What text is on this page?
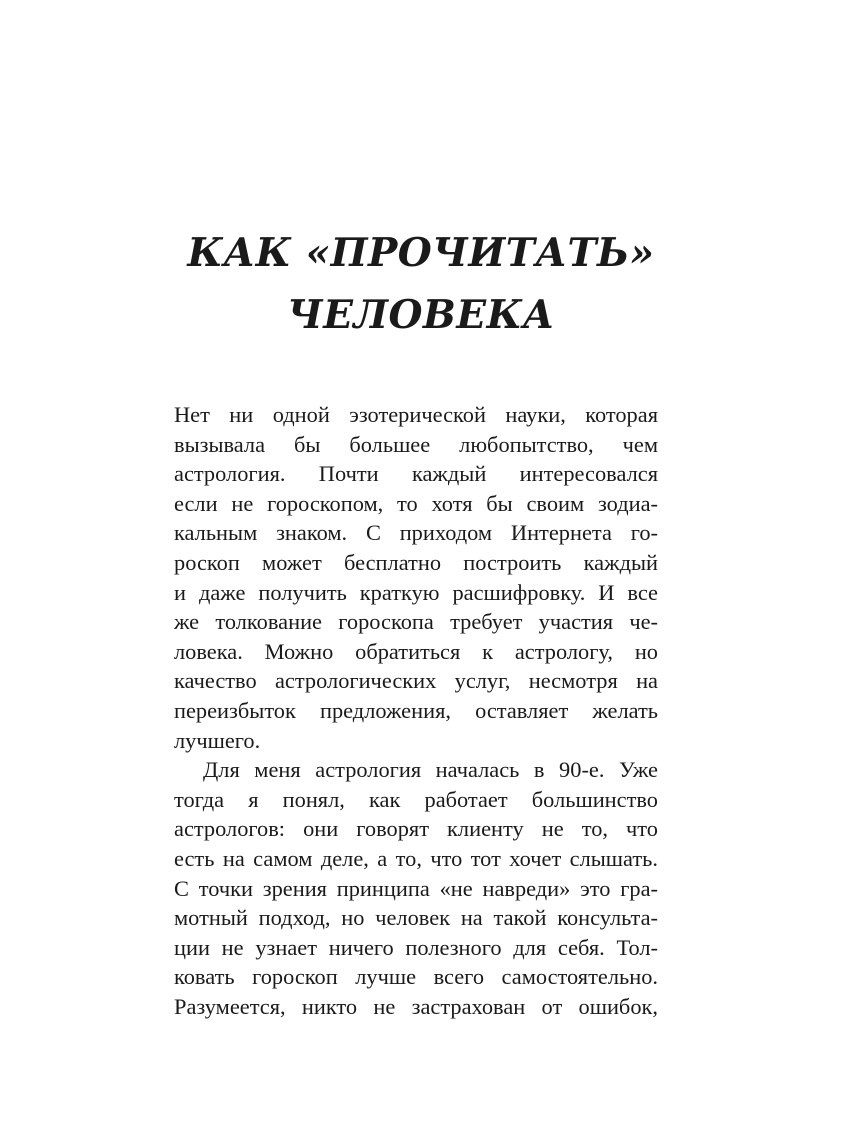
КАК «ПРОЧИТАТЬ»
ЧЕЛОВЕКА
Нет ни одной эзотерической науки, которая
вызывала бы большее любопытство, чем
астрология. Почти каждый интересовался
если не гороскопом, то хотя бы своим зодиа-
кальным знаком. С приходом Интернета го-
роскоп может бесплатно построить каждый
и даже получить краткую расшифровку. И все
же толкование гороскопа требует участия че-
ловека. Можно обратиться к астрологу, но
качество астрологических услуг, несмотря на
переизбыток предложения, оставляет желать
лучшего.
Для меня астрология началась в 90-е. Уже
тогда я понял, как работает большинство
астрологов: они говорят клиенту не то, что
есть на самом деле, а то, что тот хочет слышать.
С точки зрения принципа «не навреди» это гра-
мотный подход, но человек на такой консульта-
ции не узнает ничего полезного для себя. Тол-
ковать гороскоп лучше всего самостоятельно.
Разумеется, никто не застрахован от ошибок,
